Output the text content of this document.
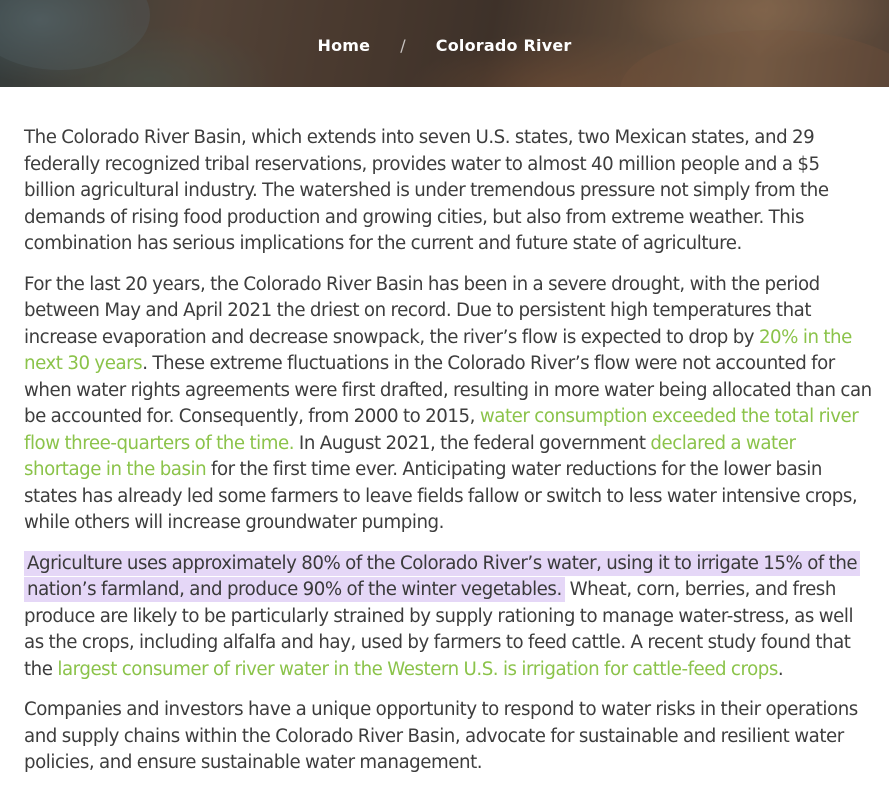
Home / Colorado River

The Colorado River Basin, which extends into seven U.S. states, two Mexican states, and 29 federally recognized tribal reservations, provides water to almost 40 million people and a $5 billion agricultural industry. The watershed is under tremendous pressure not simply from the demands of rising food production and growing cities, but also from extreme weather. This combination has serious implications for the current and future state of agriculture.

For the last 20 years, the Colorado River Basin has been in a severe drought, with the period between May and April 2021 the driest on record. Due to persistent high temperatures that increase evaporation and decrease snowpack, the river’s flow is expected to drop by 20% in the next 30 years. These extreme fluctuations in the Colorado River’s flow were not accounted for when water rights agreements were first drafted, resulting in more water being allocated than can be accounted for. Consequently, from 2000 to 2015, water consumption exceeded the total river flow three-quarters of the time. In August 2021, the federal government declared a water shortage in the basin for the first time ever. Anticipating water reductions for the lower basin states has already led some farmers to leave fields fallow or switch to less water intensive crops, while others will increase groundwater pumping.

Agriculture uses approximately 80% of the Colorado River’s water, using it to irrigate 15% of the nation’s farmland, and produce 90% of the winter vegetables. Wheat, corn, berries, and fresh produce are likely to be particularly strained by supply rationing to manage water-stress, as well as the crops, including alfalfa and hay, used by farmers to feed cattle. A recent study found that the largest consumer of river water in the Western U.S. is irrigation for cattle-feed crops.

Companies and investors have a unique opportunity to respond to water risks in their operations and supply chains within the Colorado River Basin, advocate for sustainable and resilient water policies, and ensure sustainable water management.
